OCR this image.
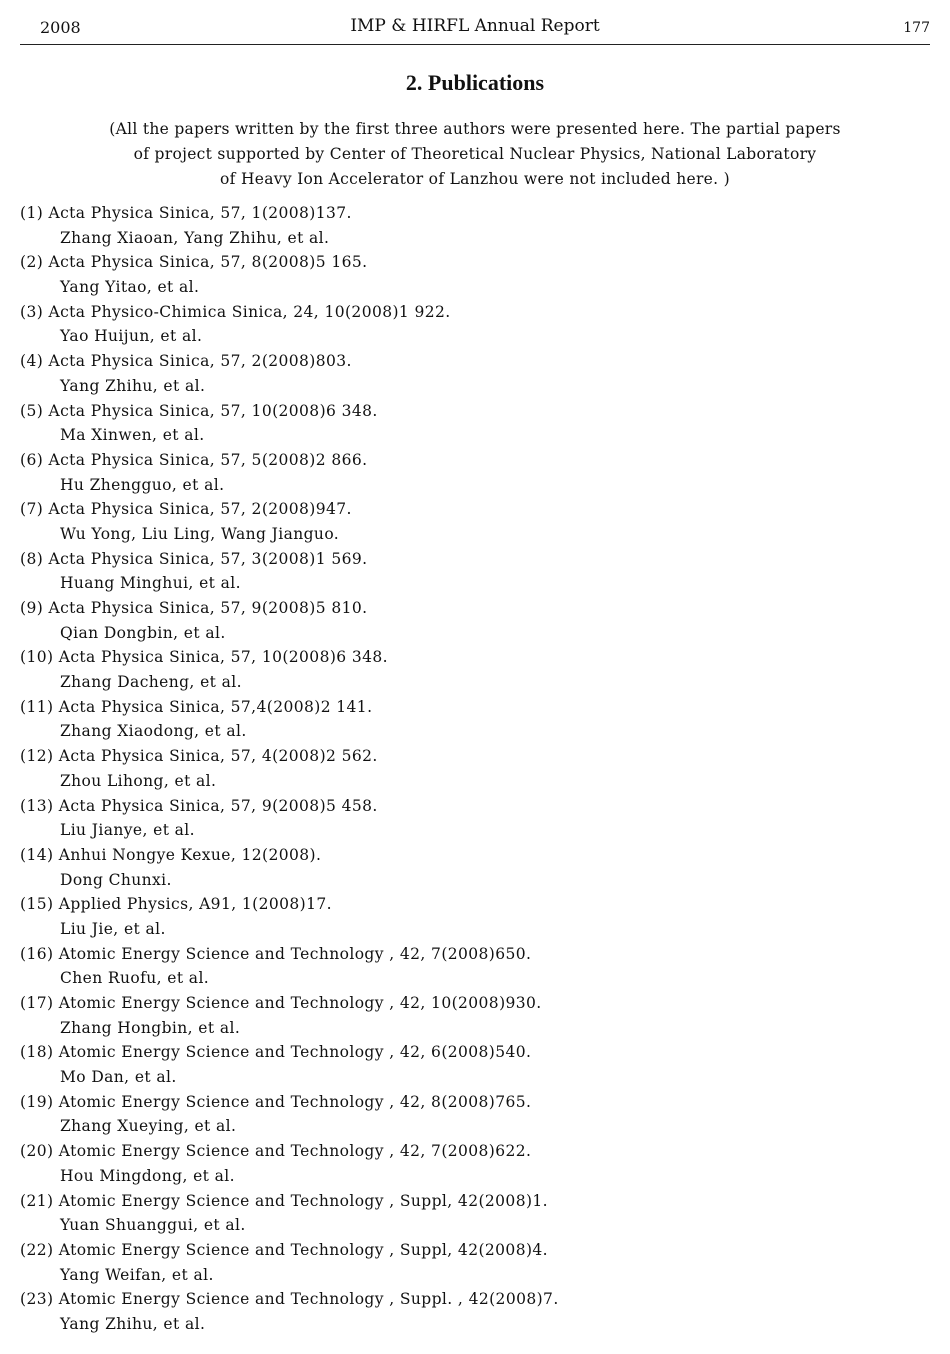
2008	IMP & HIRFL Annual Report	177
2. Publications
(All the papers written by the first three authors were presented here. The partial papers
of project supported by Center of Theoretical Nuclear Physics, National Laboratory
of Heavy Ion Accelerator of Lanzhou were not included here. )
(1) Acta Physica Sinica, 57, 1(2008)137.
Zhang Xiaoan, Yang Zhihu, et al.
(2) Acta Physica Sinica, 57, 8(2008)5 165.
Yang Yitao, et al.
(3) Acta Physico-Chimica Sinica, 24, 10(2008)1 922.
Yao Huijun, et al.
(4) Acta Physica Sinica, 57, 2(2008)803.
Yang Zhihu, et al.
(5) Acta Physica Sinica, 57, 10(2008)6 348.
Ma Xinwen, et al.
(6) Acta Physica Sinica, 57, 5(2008)2 866.
Hu Zhengguo, et al.
(7) Acta Physica Sinica, 57, 2(2008)947.
Wu Yong, Liu Ling, Wang Jianguo.
(8) Acta Physica Sinica, 57, 3(2008)1 569.
Huang Minghui, et al.
(9) Acta Physica Sinica, 57, 9(2008)5 810.
Qian Dongbin, et al.
(10) Acta Physica Sinica, 57, 10(2008)6 348.
Zhang Dacheng, et al.
(11) Acta Physica Sinica, 57,4(2008)2 141.
Zhang Xiaodong, et al.
(12) Acta Physica Sinica, 57, 4(2008)2 562.
Zhou Lihong, et al.
(13) Acta Physica Sinica, 57, 9(2008)5 458.
Liu Jianye, et al.
(14) Anhui Nongye Kexue, 12(2008).
Dong Chunxi.
(15) Applied Physics, A91, 1(2008)17.
Liu Jie, et al.
(16) Atomic Energy Science and Technology , 42, 7(2008)650.
Chen Ruofu, et al.
(17) Atomic Energy Science and Technology , 42, 10(2008)930.
Zhang Hongbin, et al.
(18) Atomic Energy Science and Technology , 42, 6(2008)540.
Mo Dan, et al.
(19) Atomic Energy Science and Technology , 42, 8(2008)765.
Zhang Xueying, et al.
(20) Atomic Energy Science and Technology , 42, 7(2008)622.
Hou Mingdong, et al.
(21) Atomic Energy Science and Technology , Suppl, 42(2008)1.
Yuan Shuanggui, et al.
(22) Atomic Energy Science and Technology , Suppl, 42(2008)4.
Yang Weifan, et al.
(23) Atomic Energy Science and Technology , Suppl. , 42(2008)7.
Yang Zhihu, et al.
